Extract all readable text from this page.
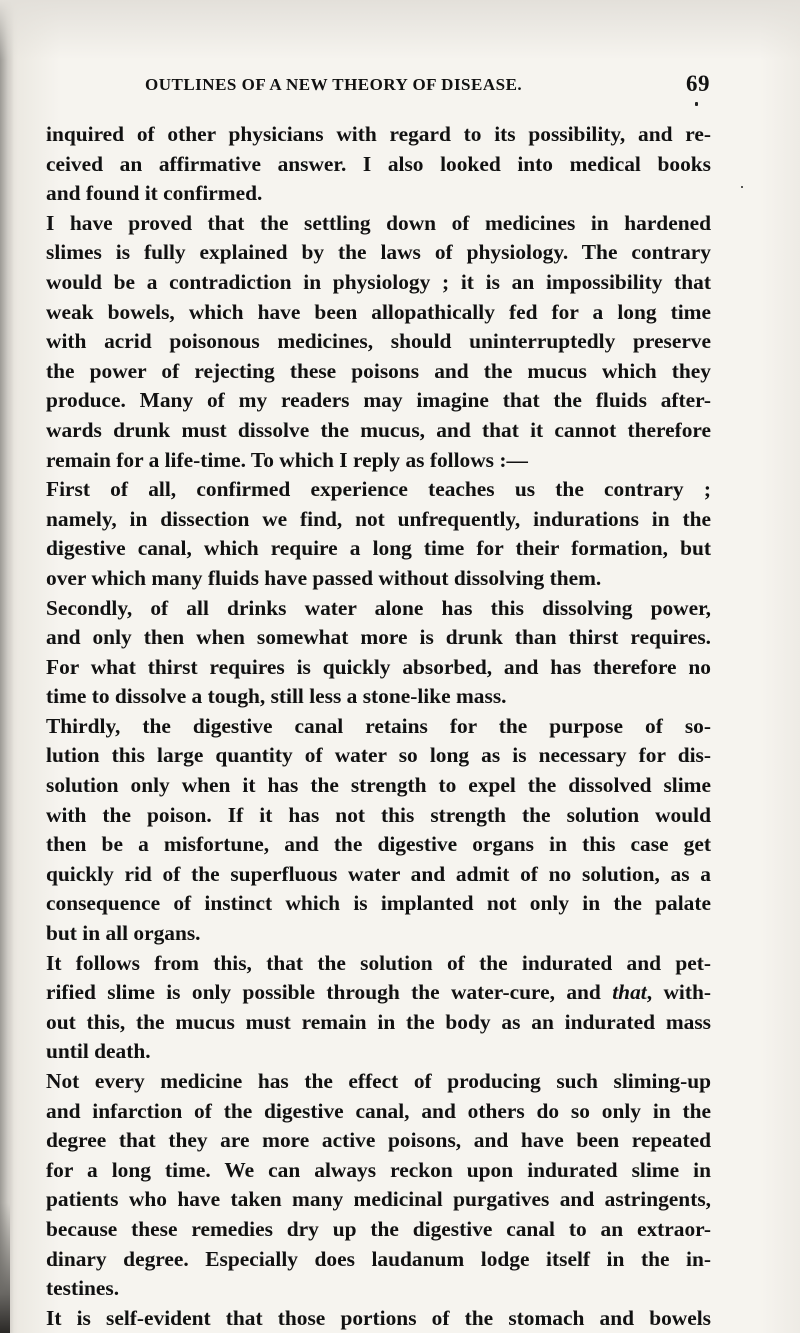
OUTLINES OF A NEW THEORY OF DISEASE.	69
inquired of other physicians with regard to its possibility, and re-
ceived an affirmative answer. I also looked into medical books
and found it confirmed.
I have proved that the settling down of medicines in hardened
slimes is fully explained by the laws of physiology. The contrary
would be a contradiction in physiology ; it is an impossibility that
weak bowels, which have been allopathically fed for a long time
with acrid poisonous medicines, should uninterruptedly preserve
the power of rejecting these poisons and the mucus which they
produce. Many of my readers may imagine that the fluids after-
wards drunk must dissolve the mucus, and that it cannot therefore
remain for a life-time. To which I reply as follows :—
First of all, confirmed experience teaches us the contrary ;
namely, in dissection we find, not unfrequently, indurations in the
digestive canal, which require a long time for their formation, but
over which many fluids have passed without dissolving them.
Secondly, of all drinks water alone has this dissolving power,
and only then when somewhat more is drunk than thirst requires.
For what thirst requires is quickly absorbed, and has therefore no
time to dissolve a tough, still less a stone-like mass.
Thirdly, the digestive canal retains for the purpose of so-
lution this large quantity of water so long as is necessary for dis-
solution only when it has the strength to expel the dissolved slime
with the poison. If it has not this strength the solution would
then be a misfortune, and the digestive organs in this case get
quickly rid of the superfluous water and admit of no solution, as a
consequence of instinct which is implanted not only in the palate
but in all organs.
It follows from this, that the solution of the indurated and pet-
rified slime is only possible through the water-cure, and that, with-
out this, the mucus must remain in the body as an indurated mass
until death.
Not every medicine has the effect of producing such sliming-up
and infarction of the digestive canal, and others do so only in the
degree that they are more active poisons, and have been repeated
for a long time. We can always reckon upon indurated slime in
patients who have taken many medicinal purgatives and astringents,
because these remedies dry up the digestive canal to an extraor-
dinary degree. Especially does laudanum lodge itself in the in-
testines.
It is self-evident that those portions of the stomach and bowels
